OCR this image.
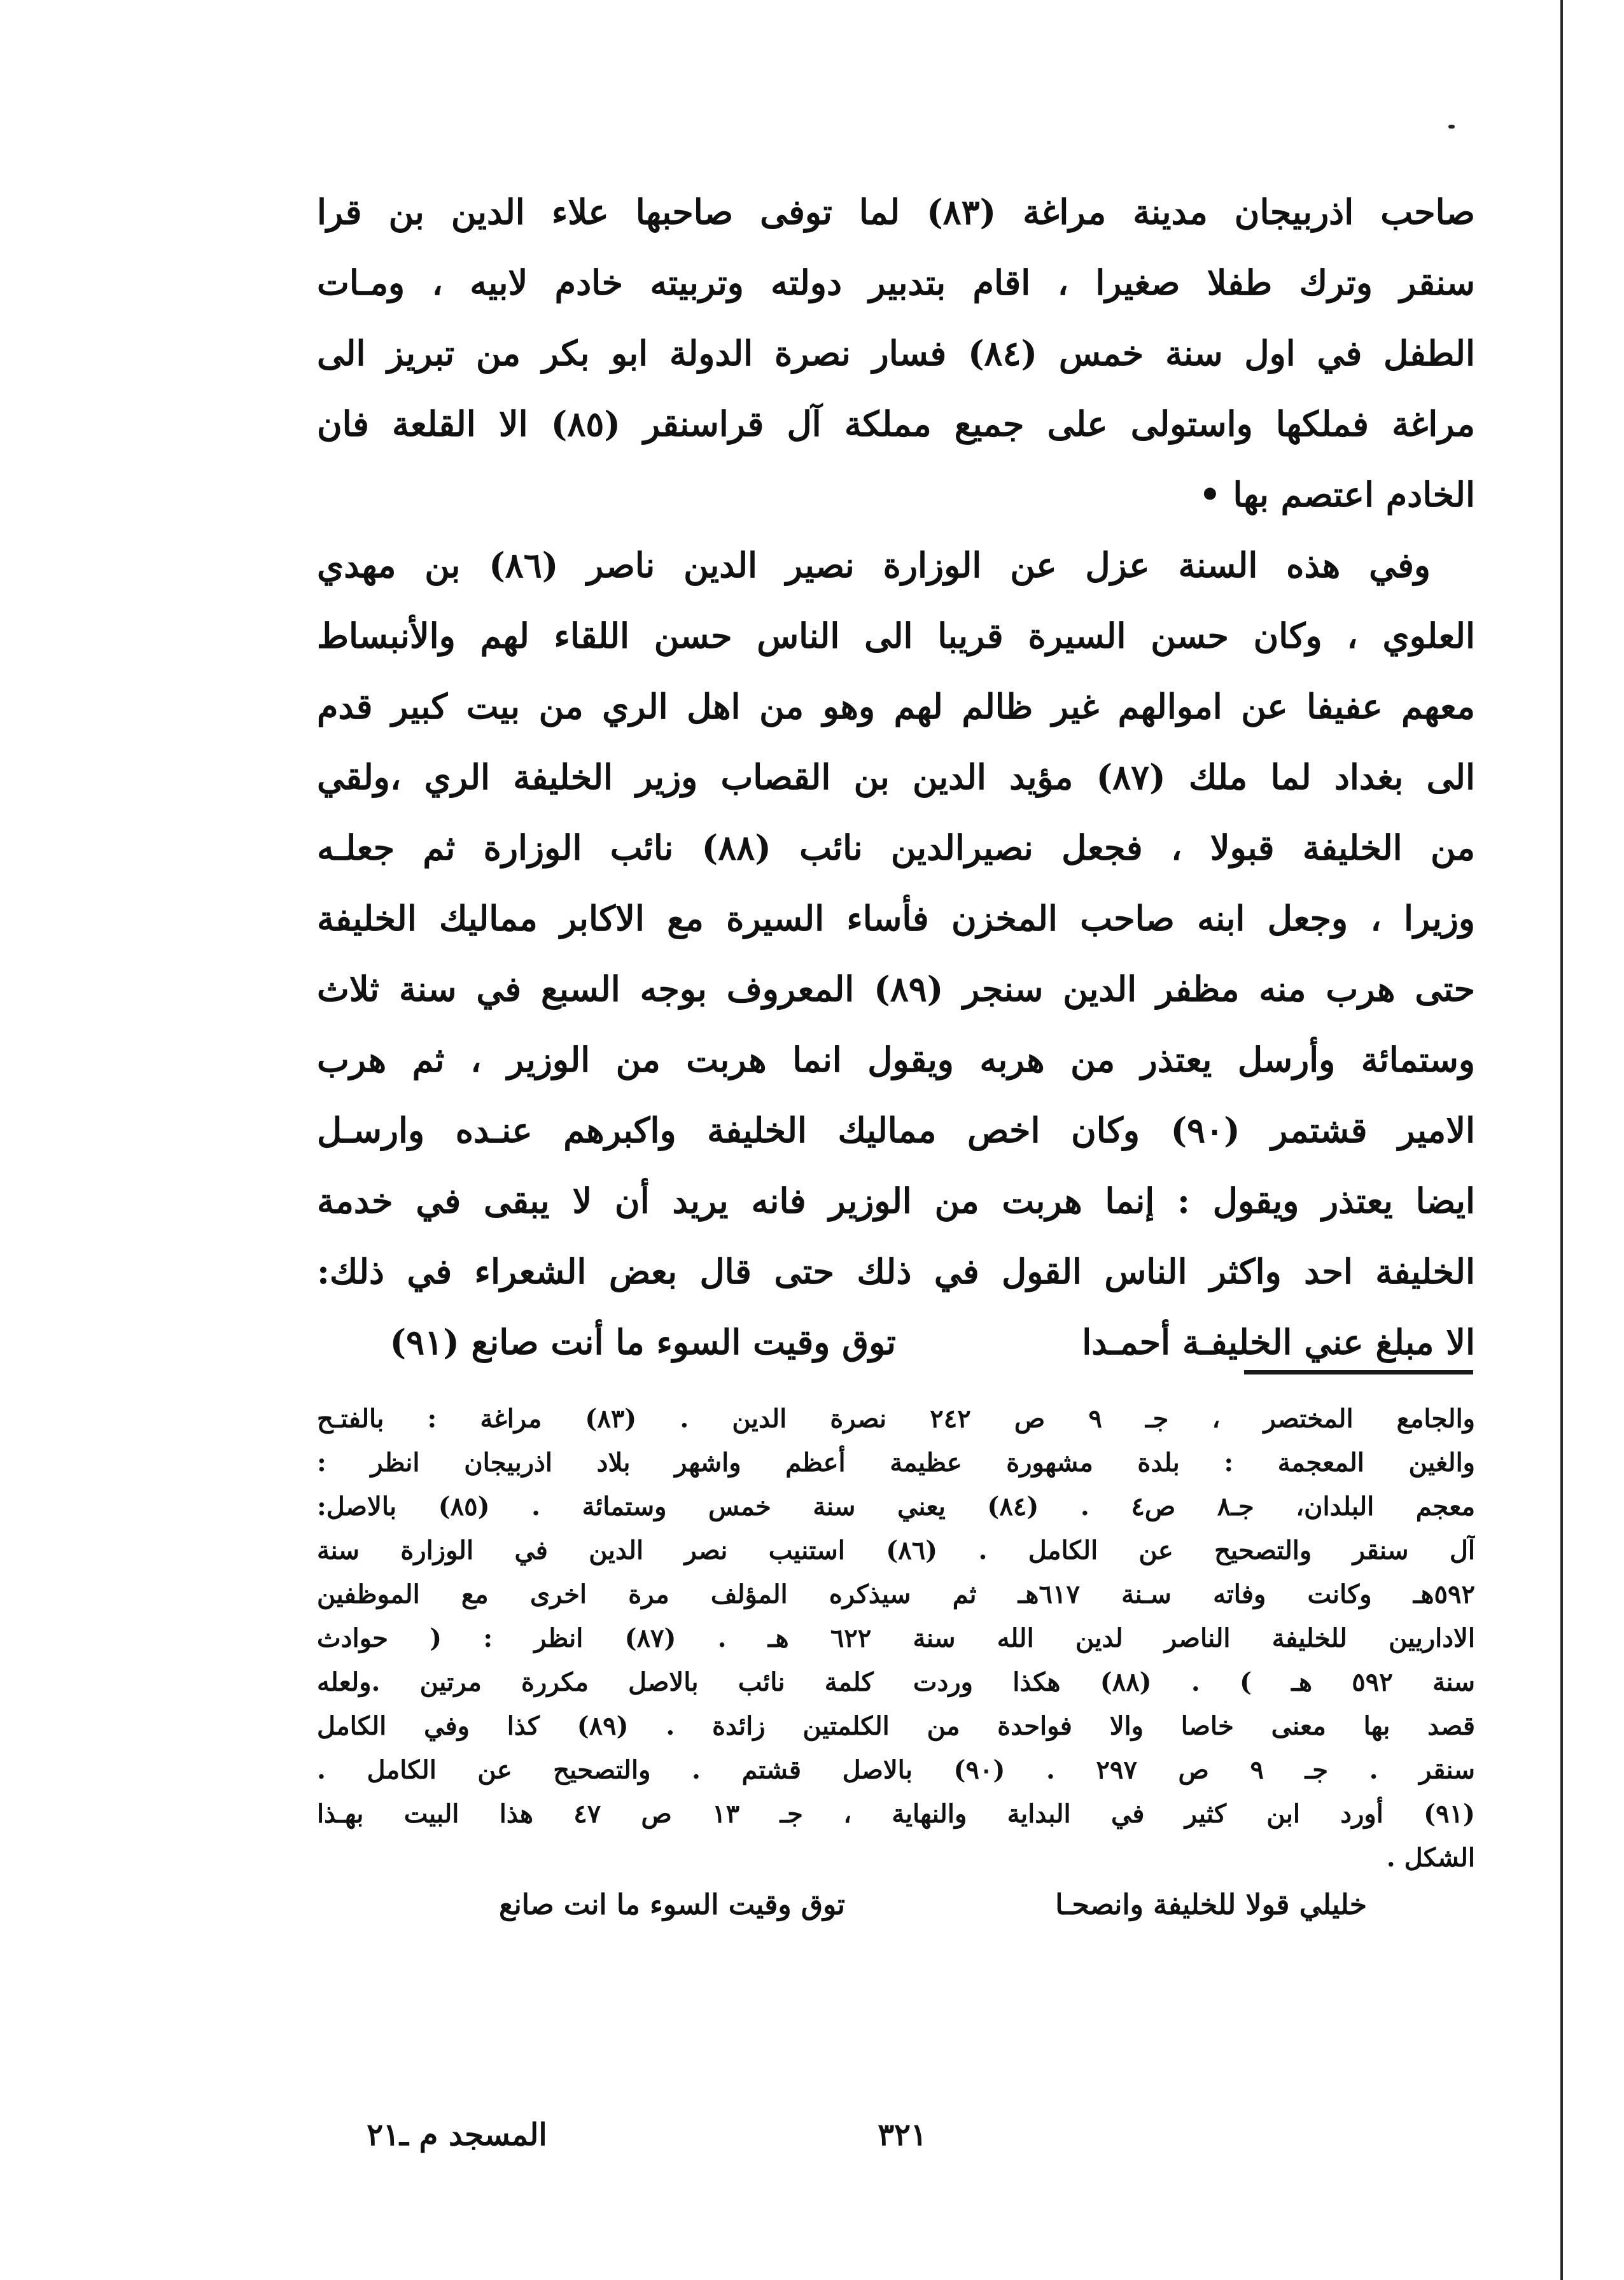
صاحب اذربيجان مدينة مراغة (٨٣) لما توفى صاحبها علاء الدين بن قرا
سنقر وترك طفلا صغيرا ، اقام بتدبير دولته وتربيته خادم لابيه ، ومـات
الطفل في اول سنة خمس (٨٤) فسار نصرة الدولة ابو بكر من تبريز الى
مراغة فملكها واستولى على جميع مملكة آل قراسنقر (٨٥) الا القلعة فان
الخادم اعتصم بها •
وفي هذه السنة عزل عن الوزارة نصير الدين ناصر (٨٦) بن مهدي
العلوي ، وكان حسن السيرة قريبا الى الناس حسن اللقاء لهم والأنبساط
معهم عفيفا عن اموالهم غير ظالم لهم وهو من اهل الري من بيت كبير قدم
الى بغداد لما ملك (٨٧) مؤيد الدين بن القصاب وزير الخليفة الري ،ولقي
من الخليفة قبولا ، فجعل نصيرالدين نائب (٨٨) نائب الوزارة ثم جعلـه
وزيرا ، وجعل ابنه صاحب المخزن فأساء السيرة مع الاكابر مماليك الخليفة
حتى هرب منه مظفر الدين سنجر (٨٩) المعروف بوجه السبع في سنة ثلاث
وستمائة وأرسل يعتذر من هربه ويقول انما هربت من الوزير ، ثم هرب
الامير قشتمر (٩٠) وكان اخص مماليك الخليفة واكبرهم عنـده وارسـل
ايضا يعتذر ويقول : إنما هربت من الوزير فانه يريد أن لا يبقى في خدمة
الخليفة احد واكثر الناس القول في ذلك حتى قال بعض الشعراء في ذلك:
الا مبلغ عني الخليفـة أحمـدا
توق وقيت السوء ما أنت صانع (٩١)
والجامع المختصر ، جـ ٩ ص ٢٤٢ نصرة الدين . (٨٣) مراغة : بالفتـح
والغين المعجمة : بلدة مشهورة عظيمة أعظم واشهر بلاد اذربيجان انظر :
معجم البلدان، جـ٨ ص٤ . (٨٤) يعني سنة خمس وستمائة . (٨٥) بالاصل:
آل سنقر والتصحيح عن الكامل . (٨٦) استنيب نصر الدين في الوزارة سنة
٥٩٢هـ وكانت وفاته سـنة ٦١٧هـ ثم سيذكره المؤلف مرة اخرى مع الموظفين
الاداريين للخليفة الناصر لدين الله سنة ٦٢٢ هـ . (٨٧) انظر : ( حوادث
سنة ٥٩٢ هـ ) . (٨٨) هكذا وردت كلمة نائب بالاصل مكررة مرتين .ولعله
قصد بها معنى خاصا والا فواحدة من الكلمتين زائدة . (٨٩) كذا وفي الكامل
سنقر . جـ ٩ ص ٢٩٧ . (٩٠) بالاصل قشتم . والتصحيح عن الكامل .
(٩١) أورد ابن كثير في البداية والنهاية ، جـ ١٣ ص ٤٧ هذا البيت بهـذا
الشكل .
خليلي قولا للخليفة وانصحـا
توق وقيت السوء ما انت صانع
٣٢١
المسجد م ـ٢١
